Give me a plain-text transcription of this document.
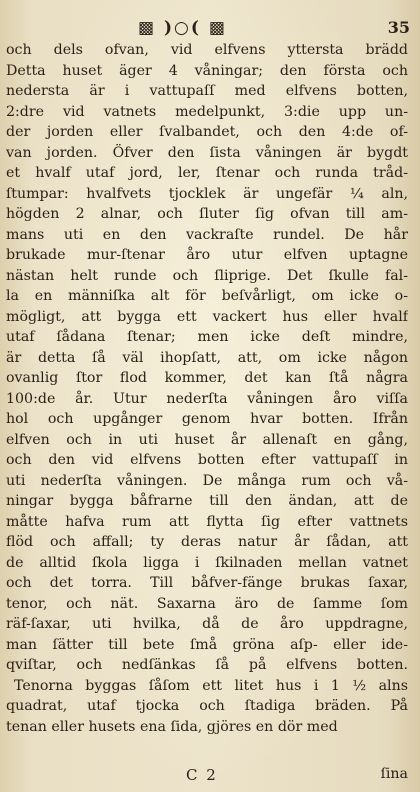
▩ )○( ▩	35
och dels ofvan, vid elfvens yttersta brädd
Detta huset äger 4 våningar; den första och
nedersta är i vattupaſſ med elfvens botten,
2:dre vid vatnets medelpunkt, 3:die upp un-
der jorden eller ſvalbandet, och den 4:de of-
van jorden. Öfver den ſista våningen är bygdt
et hvalf utaf jord, ler, ſtenar och runda tråd-
ſtumpar: hvalfvets tjocklek är ungefär ¼ aln,
högden 2 alnar, och ſluter ſig ofvan till am-
mans uti en den vackraſte rundel. De hår
brukade mur-ſtenar åro utur elfven uptagne
nästan helt runde och ſliprige. Det ſkulle fal-
la en männiſka alt för beſvårligt, om icke o-
mögligt, att bygga ett vackert hus eller hvalf
utaf ſådana ſtenar; men icke deſt mindre,
är detta ſå väl ihopſatt, att, om icke någon
ovanlig ſtor flod kommer, det kan ſtå några
100:de år. Utur nederſta våningen åro viſſa
hol och upgånger genom hvar botten. Ifrån
elfven och in uti huset år allenaſt en gång,
och den vid elfvens botten efter vattupaſſ in
uti nederſta våningen. De många rum och vå-
ningar bygga båfrarne till den ändan, att de
måtte hafva rum att flytta ſig efter vattnets
flöd och affall; ty deras natur år ſådan, att
de alltid ſkola ligga i ſkilnaden mellan vatnet
och det torra. Till båfver-fänge brukas ſaxar,
tenor, och nät. Saxarna äro de ſamme ſom
räf-ſaxar, uti hvilka, då de åro uppdragne,
man ſätter till bete ſmå gröna aſp- eller ide-
qviſtar, och nedſänkas ſå på elfvens botten.
Tenorna byggas ſåſom ett litet hus i 1 ½ alns
quadrat, utaf tjocka och ſtadiga bräden. På
tenan eller husets ena ſida, gjöres en dör med
C 2	ſina
